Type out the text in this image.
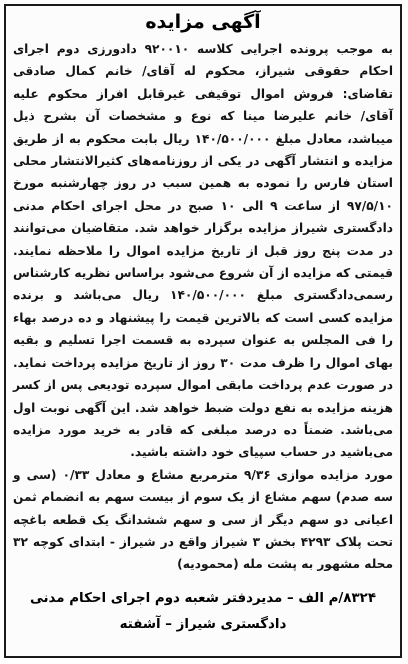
آگهی مزایده

به موجب پرونده اجرایی کلاسه ۹۲۰۰۱۰ دادورزی دوم اجرای احکام حقوقی شیراز، محکوم له آقای/ خانم کمال صادقی تقاضای: فروش اموال توقیفی غیرقابل افراز محکوم علیه آقای/ خانم علیرضا مینا که نوع و مشخصات آن بشرح ذیل میباشد، معادل مبلغ ۱۴۰/۵۰۰/۰۰۰ ریال بابت محکوم به از طریق مزایده و انتشار آگهی در یکی از روزنامه‌های کثیرالانتشار محلی استان فارس را نموده به همین سبب در روز چهارشنبه مورخ ۹۷/۵/۱۰ از ساعت ۹ الی ۱۰ صبح در محل اجرای احکام مدنی دادگستری شیراز مزایده برگزار خواهد شد. متقاضیان می‌توانند در مدت پنج روز قبل از تاریخ مزایده اموال را ملاحظه نمایند. قیمتی که مزایده از آن شروع می‌شود براساس نظریه کارشناس رسمی‌دادگستری مبلغ ۱۴۰/۵۰۰/۰۰۰ ریال می‌باشد و برنده مزایده کسی است که بالاترین قیمت را پیشنهاد و ده درصد بهاء را فی المجلس به عنوان سپرده به قسمت اجرا تسلیم و بقیه بهای اموال را ظرف مدت ۳۰ روز از تاریخ مزایده پرداخت نماید. در صورت عدم پرداخت مابقی اموال سپرده تودیعی پس از کسر هزینه مزایده به نفع دولت ضبط خواهد شد. این آگهی نوبت اول می‌باشد. ضمناً ده درصد مبلغی که قادر به خرید مورد مزایده می‌باشید در حساب سپیای خود داشته باشید.

مورد مزایده موازی ۹/۳۶ مترمربع مشاع و معادل ۰/۳۳ (سی و سه صدم) سهم مشاع از یک سوم از بیست سهم به انضمام ثمن اعیانی دو سهم دیگر از سی و سهم ششدانگ یک قطعه باغچه تحت پلاک ۴۲۹۳ بخش ۳ شیراز واقع در شیراز - ابتدای کوچه ۳۲ محله مشهور به پشت مله (محمودیه)

۸۳۲۴/م الف – مدیردفتر شعبه دوم اجرای احکام مدنی
دادگستری شیراز – آشفته
